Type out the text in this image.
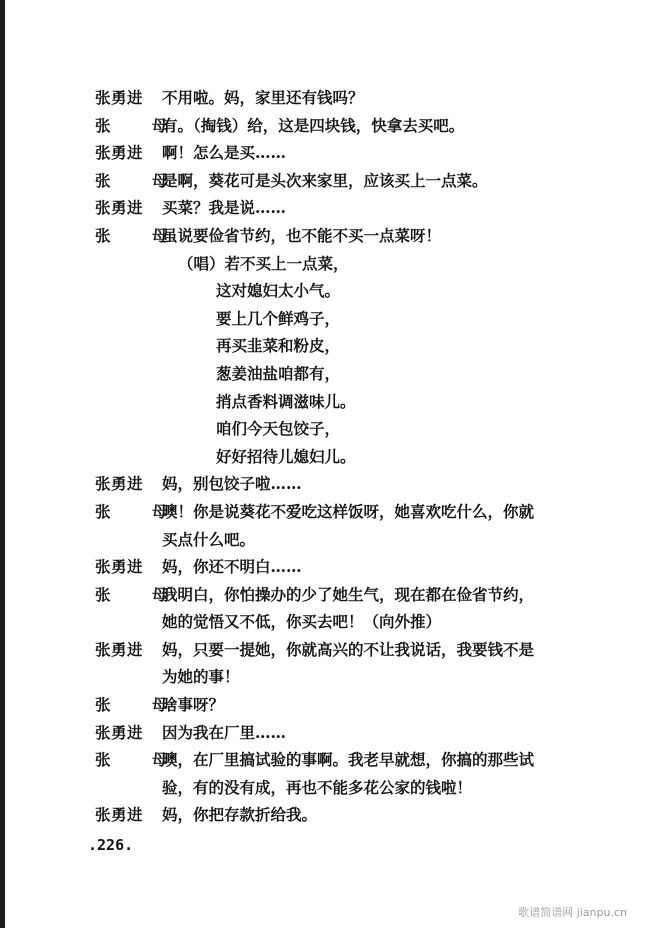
张勇进 不用啦。妈，家里还有钱吗？
张　母
有。（掏钱）给，这是四块钱，快拿去买吧。
张勇进 啊！怎么是买……
张　母
是啊，葵花可是头次来家里，应该买上一点菜。
张勇进 买菜？我是说……
张　母
虽说要俭省节约，也不能不买一点菜呀！
（唱）若不买上一点菜，
这对媳妇太小气。
要上几个鲜鸡子，
再买韭菜和粉皮，
葱姜油盐咱都有，
捎点香料调滋味儿。
咱们今天包饺子，
好好招待儿媳妇儿。
张勇进 妈，别包饺子啦……
张　母
噢！你是说葵花不爱吃这样饭呀，她喜欢吃什么，你就
买点什么吧。
张勇进 妈，你还不明白……
张　母
我明白，你怕操办的少了她生气，现在都在俭省节约，
她的觉悟又不低，你买去吧！（向外推）
张勇进 妈，只要一提她，你就高兴的不让我说话，我要钱不是
为她的事！
张　母
啥事呀？
张勇进 因为我在厂里……
张　母
噢，在厂里搞试验的事啊。我老早就想，你搞的那些试
验，有的没有成，再也不能多花公家的钱啦！
张勇进 妈，你把存款折给我。
.226.
歌谱简谱网 jianpu.cn
